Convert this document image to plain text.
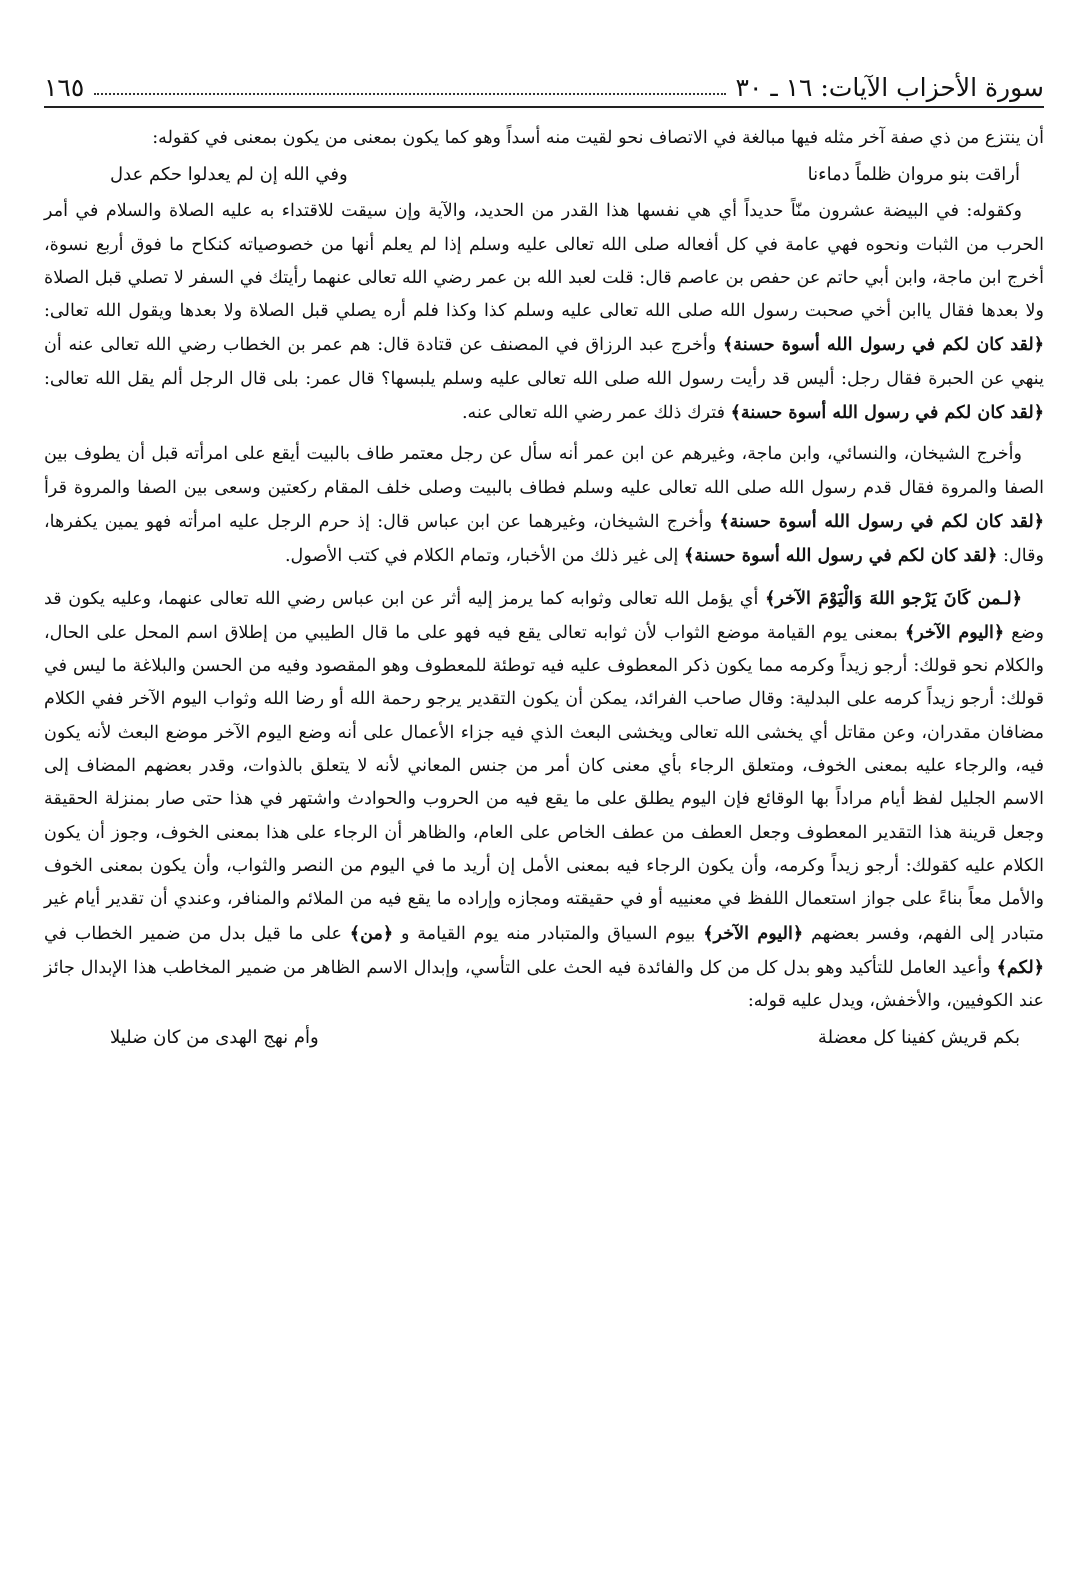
سورة الأحزاب الآيات: ١٦ ـ ٣٠
١٦٥

أن ينتزع من ذي صفة آخر مثله فيها مبالغة في الاتصاف نحو لقيت منه أسداً وهو كما يكون بمعنى من يكون بمعنى في كقوله:

أراقت بنو مروان ظلماً دماءنا
وفي الله إن لم يعدلوا حكم عدل

وكقوله: في البيضة عشرون منّاً حديداً أي هي نفسها هذا القدر من الحديد، والآية وإن سيقت للاقتداء به عليه الصلاة والسلام في أمر الحرب من الثبات ونحوه فهي عامة في كل أفعاله صلى الله تعالى عليه وسلم إذا لم يعلم أنها من خصوصياته كنكاح ما فوق أربع نسوة، أخرج ابن ماجة، وابن أبي حاتم عن حفص بن عاصم قال: قلت لعبد الله بن عمر رضي الله تعالى عنهما رأيتك في السفر لا تصلي قبل الصلاة ولا بعدها فقال ياابن أخي صحبت رسول الله صلى الله تعالى عليه وسلم كذا وكذا فلم أره يصلي قبل الصلاة ولا بعدها ويقول الله تعالى: ﴿لقد كان لكم في رسول الله أسوة حسنة﴾ وأخرج عبد الرزاق في المصنف عن قتادة قال: هم عمر بن الخطاب رضي الله تعالى عنه أن ينهي عن الحبرة فقال رجل: أليس قد رأيت رسول الله صلى الله تعالى عليه وسلم يلبسها؟ قال عمر: بلى قال الرجل ألم يقل الله تعالى: ﴿لقد كان لكم في رسول الله أسوة حسنة﴾ فترك ذلك عمر رضي الله تعالى عنه.

وأخرج الشيخان، والنسائي، وابن ماجة، وغيرهم عن ابن عمر أنه سأل عن رجل معتمر طاف بالبيت أيقع على امرأته قبل أن يطوف بين الصفا والمروة فقال قدم رسول الله صلى الله تعالى عليه وسلم فطاف بالبيت وصلى خلف المقام ركعتين وسعى بين الصفا والمروة قرأ ﴿لقد كان لكم في رسول الله أسوة حسنة﴾ وأخرج الشيخان، وغيرهما عن ابن عباس قال: إذ حرم الرجل عليه امرأته فهو يمين يكفرها، وقال: ﴿لقد كان لكم في رسول الله أسوة حسنة﴾ إلى غير ذلك من الأخبار، وتمام الكلام في كتب الأصول.

﴿لـمن كَانَ يَرْجو اللهَ وَالْيَوْمَ الآخر﴾ أي يؤمل الله تعالى وثوابه كما يرمز إليه أثر عن ابن عباس رضي الله تعالى عنهما، وعليه يكون قد وضع ﴿اليوم الآخر﴾ بمعنى يوم القيامة موضع الثواب لأن ثوابه تعالى يقع فيه فهو على ما قال الطيبي من إطلاق اسم المحل على الحال، والكلام نحو قولك: أرجو زيداً وكرمه مما يكون ذكر المعطوف عليه فيه توطئة للمعطوف وهو المقصود وفيه من الحسن والبلاغة ما ليس في قولك: أرجو زيداً كرمه على البدلية: وقال صاحب الفرائد، يمكن أن يكون التقدير يرجو رحمة الله أو رضا الله وثواب اليوم الآخر ففي الكلام مضافان مقدران، وعن مقاتل أي يخشى الله تعالى ويخشى البعث الذي فيه جزاء الأعمال على أنه وضع اليوم الآخر موضع البعث لأنه يكون فيه، والرجاء عليه بمعنى الخوف، ومتعلق الرجاء بأي معنى كان أمر من جنس المعاني لأنه لا يتعلق بالذوات، وقدر بعضهم المضاف إلى الاسم الجليل لفظ أيام مراداً بها الوقائع فإن اليوم يطلق على ما يقع فيه من الحروب والحوادث واشتهر في هذا حتى صار بمنزلة الحقيقة وجعل قرينة هذا التقدير المعطوف وجعل العطف من عطف الخاص على العام، والظاهر أن الرجاء على هذا بمعنى الخوف، وجوز أن يكون الكلام عليه كقولك: أرجو زيداً وكرمه، وأن يكون الرجاء فيه بمعنى الأمل إن أريد ما في اليوم من النصر والثواب، وأن يكون بمعنى الخوف والأمل معاً بناءً على جواز استعمال اللفظ في معنييه أو في حقيقته ومجازه وإراده ما يقع فيه من الملائم والمنافر، وعندي أن تقدير أيام غير متبادر إلى الفهم، وفسر بعضهم ﴿اليوم الآخر﴾ بيوم السياق والمتبادر منه يوم القيامة و ﴿من﴾ على ما قيل بدل من ضمير الخطاب في ﴿لكم﴾ وأعيد العامل للتأكيد وهو بدل كل من كل والفائدة فيه الحث على التأسي، وإبدال الاسم الظاهر من ضمير المخاطب هذا الإبدال جائز عند الكوفيين، والأخفش، ويدل عليه قوله:

بكم قريش كفينا كل معضلة
وأم نهج الهدى من كان ضليلا
